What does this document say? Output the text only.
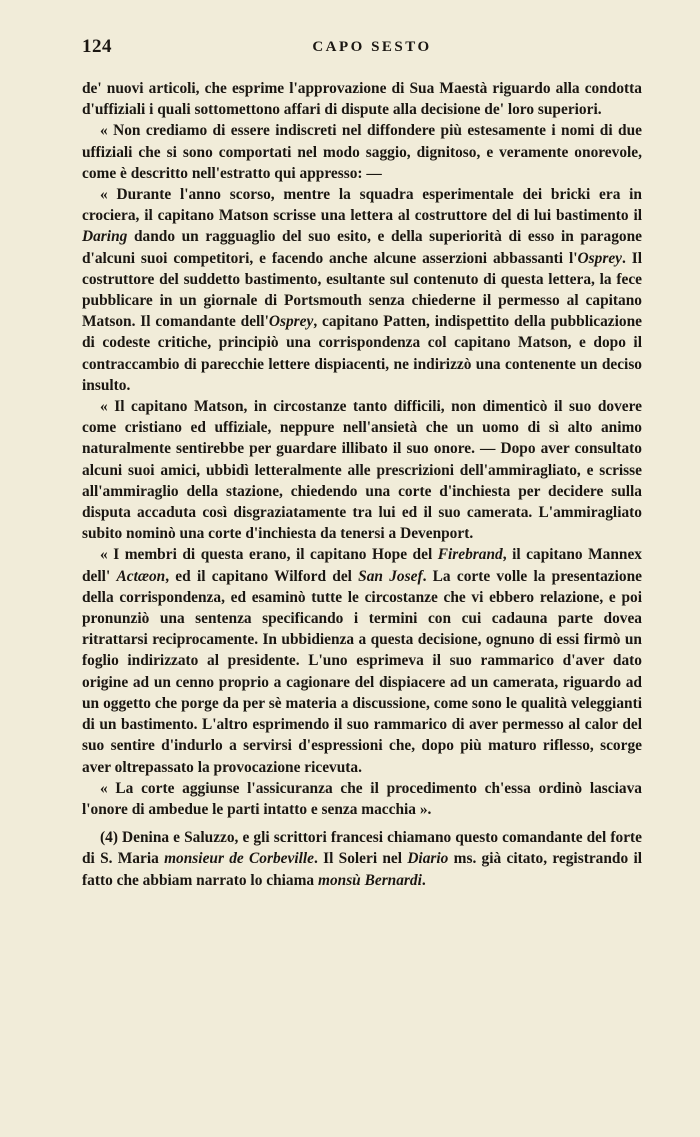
124	CAPO SESTO

de' nuovi articoli, che esprime l'approvazione di Sua Maestà riguardo alla condotta d'uffiziali i quali sottomettono affari di dispute alla decisione de' loro superiori.

« Non crediamo di essere indiscreti nel diffondere più estesamente i nomi di due uffiziali che si sono comportati nel modo saggio, dignitoso, e veramente onorevole, come è descritto nell'estratto qui appresso: —

« Durante l'anno scorso, mentre la squadra esperimentale dei bricki era in crociera, il capitano Matson scrisse una lettera al costruttore del di lui bastimento il Daring dando un ragguaglio del suo esito, e della superiorità di esso in paragone d'alcuni suoi competitori, e facendo anche alcune asserzioni abbassanti l'Osprey. Il costruttore del suddetto bastimento, esultante sul contenuto di questa lettera, la fece pubblicare in un giornale di Portsmouth senza chiederne il permesso al capitano Matson. Il comandante dell'Osprey, capitano Patten, indispettito della pubblicazione di codeste critiche, principiò una corrispondenza col capitano Matson, e dopo il contraccambio di parecchie lettere dispiacenti, ne indirizzò una contenente un deciso insulto.

« Il capitano Matson, in circostanze tanto difficili, non dimenticò il suo dovere come cristiano ed uffiziale, neppure nell'ansietà che un uomo di sì alto animo naturalmente sentirebbe per guardare illibato il suo onore. — Dopo aver consultato alcuni suoi amici, ubbidì letteralmente alle prescrizioni dell'ammiragliato, e scrisse all'ammiraglio della stazione, chiedendo una corte d'inchiesta per decidere sulla disputa accaduta così disgraziatamente tra lui ed il suo camerata. L'ammiragliato subito nominò una corte d'inchiesta da tenersi a Devenport.

« I membri di questa erano, il capitano Hope del Firebrand, il capitano Mannex dell' Actæon, ed il capitano Wilford del San Josef. La corte volle la presentazione della corrispondenza, ed esaminò tutte le circostanze che vi ebbero relazione, e poi pronunziò una sentenza specificando i termini con cui cadauna parte dovea ritrattarsi reciprocamente. In ubbidienza a questa decisione, ognuno di essi firmò un foglio indirizzato al presidente. L'uno esprimeva il suo rammarico d'aver dato origine ad un cenno proprio a cagionare del dispiacere ad un camerata, riguardo ad un oggetto che porge da per sè materia a discussione, come sono le qualità veleggianti di un bastimento. L'altro esprimendo il suo rammarico di aver permesso al calor del suo sentire d'indurlo a servirsi d'espressioni che, dopo più maturo riflesso, scorge aver oltrepassato la provocazione ricevuta.

« La corte aggiunse l'assicuranza che il procedimento ch'essa ordinò lasciava l'onore di ambedue le parti intatto e senza macchia ».

(4) Denina e Saluzzo, e gli scrittori francesi chiamano questo comandante del forte di S. Maria monsieur de Corbeville. Il Soleri nel Diario ms. già citato, registrando il fatto che abbiam narrato lo chiama monsù Bernardi.
